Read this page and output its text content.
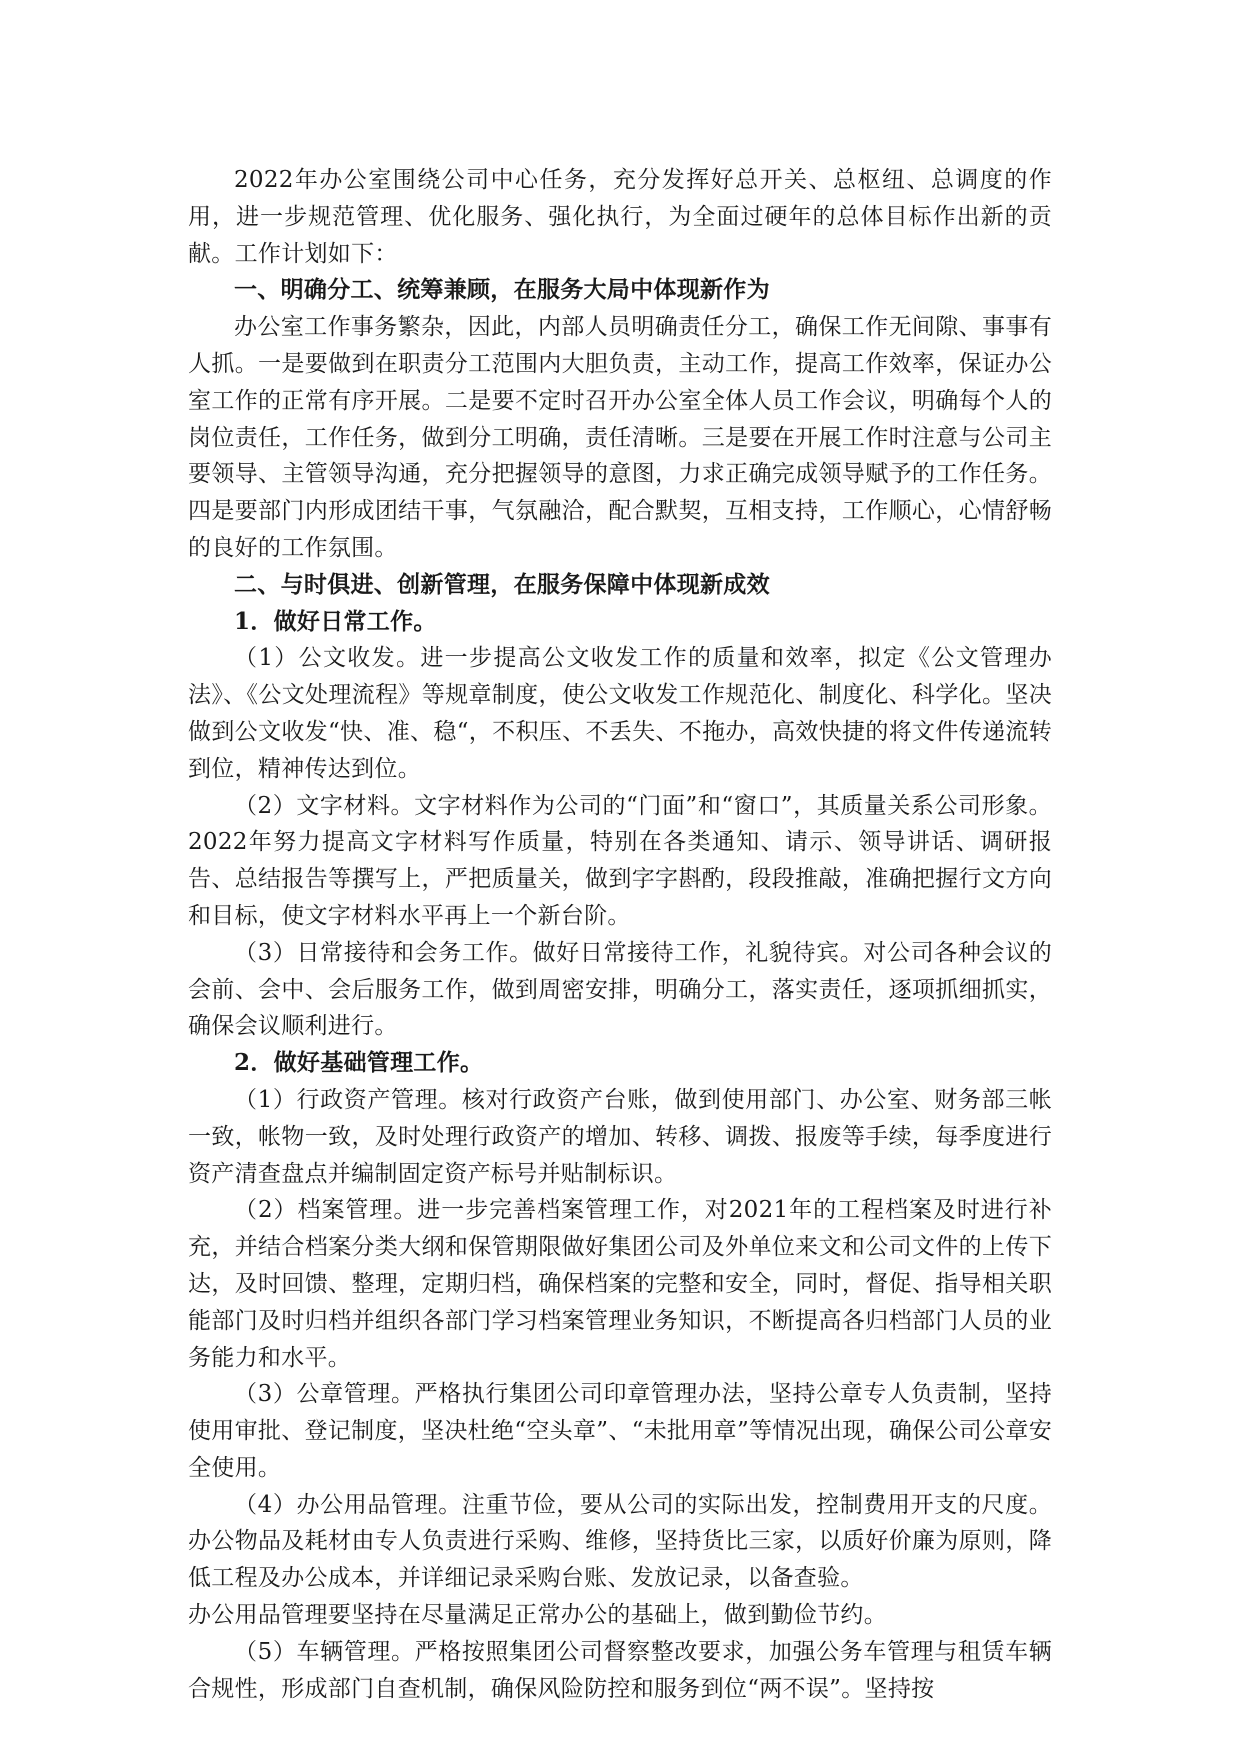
2022年办公室围绕公司中心任务，充分发挥好总开关、总枢纽、总调度的作用，进一步规范管理、优化服务、强化执行，为全面过硬年的总体目标作出新的贡献。工作计划如下：

一、明确分工、统筹兼顾，在服务大局中体现新作为

办公室工作事务繁杂，因此，内部人员明确责任分工，确保工作无间隙、事事有人抓。一是要做到在职责分工范围内大胆负责，主动工作，提高工作效率，保证办公室工作的正常有序开展。二是要不定时召开办公室全体人员工作会议，明确每个人的岗位责任，工作任务，做到分工明确，责任清晰。三是要在开展工作时注意与公司主要领导、主管领导沟通，充分把握领导的意图，力求正确完成领导赋予的工作任务。四是要部门内形成团结干事，气氛融洽，配合默契，互相支持，工作顺心，心情舒畅的良好的工作氛围。

二、与时俱进、创新管理，在服务保障中体现新成效

1．做好日常工作。

（1）公文收发。进一步提高公文收发工作的质量和效率，拟定《公文管理办法》、《公文处理流程》等规章制度，使公文收发工作规范化、制度化、科学化。坚决做到公文收发“快、准、稳“，不积压、不丢失、不拖办，高效快捷的将文件传递流转到位，精神传达到位。

（2）文字材料。文字材料作为公司的“门面”和“窗口”，其质量关系公司形象。2022年努力提高文字材料写作质量，特别在各类通知、请示、领导讲话、调研报告、总结报告等撰写上，严把质量关，做到字字斟酌，段段推敲，准确把握行文方向和目标，使文字材料水平再上一个新台阶。

（3）日常接待和会务工作。做好日常接待工作，礼貌待宾。对公司各种会议的会前、会中、会后服务工作，做到周密安排，明确分工，落实责任，逐项抓细抓实，确保会议顺利进行。

2．做好基础管理工作。

（1）行政资产管理。核对行政资产台账，做到使用部门、办公室、财务部三帐一致，帐物一致，及时处理行政资产的增加、转移、调拨、报废等手续，每季度进行资产清查盘点并编制固定资产标号并贴制标识。

（2）档案管理。进一步完善档案管理工作，对2021年的工程档案及时进行补充，并结合档案分类大纲和保管期限做好集团公司及外单位来文和公司文件的上传下达，及时回馈、整理，定期归档，确保档案的完整和安全，同时，督促、指导相关职能部门及时归档并组织各部门学习档案管理业务知识，不断提高各归档部门人员的业务能力和水平。

（3）公章管理。严格执行集团公司印章管理办法，坚持公章专人负责制，坚持使用审批、登记制度，坚决杜绝“空头章”、“未批用章”等情况出现，确保公司公章安全使用。

（4）办公用品管理。注重节俭，要从公司的实际出发，控制费用开支的尺度。办公物品及耗材由专人负责进行采购、维修，坚持货比三家，以质好价廉为原则，降低工程及办公成本，并详细记录采购台账、发放记录，以备查验。

办公用品管理要坚持在尽量满足正常办公的基础上，做到勤俭节约。

（5）车辆管理。严格按照集团公司督察整改要求，加强公务车管理与租赁车辆合规性，形成部门自查机制，确保风险防控和服务到位“两不误”。坚持按
